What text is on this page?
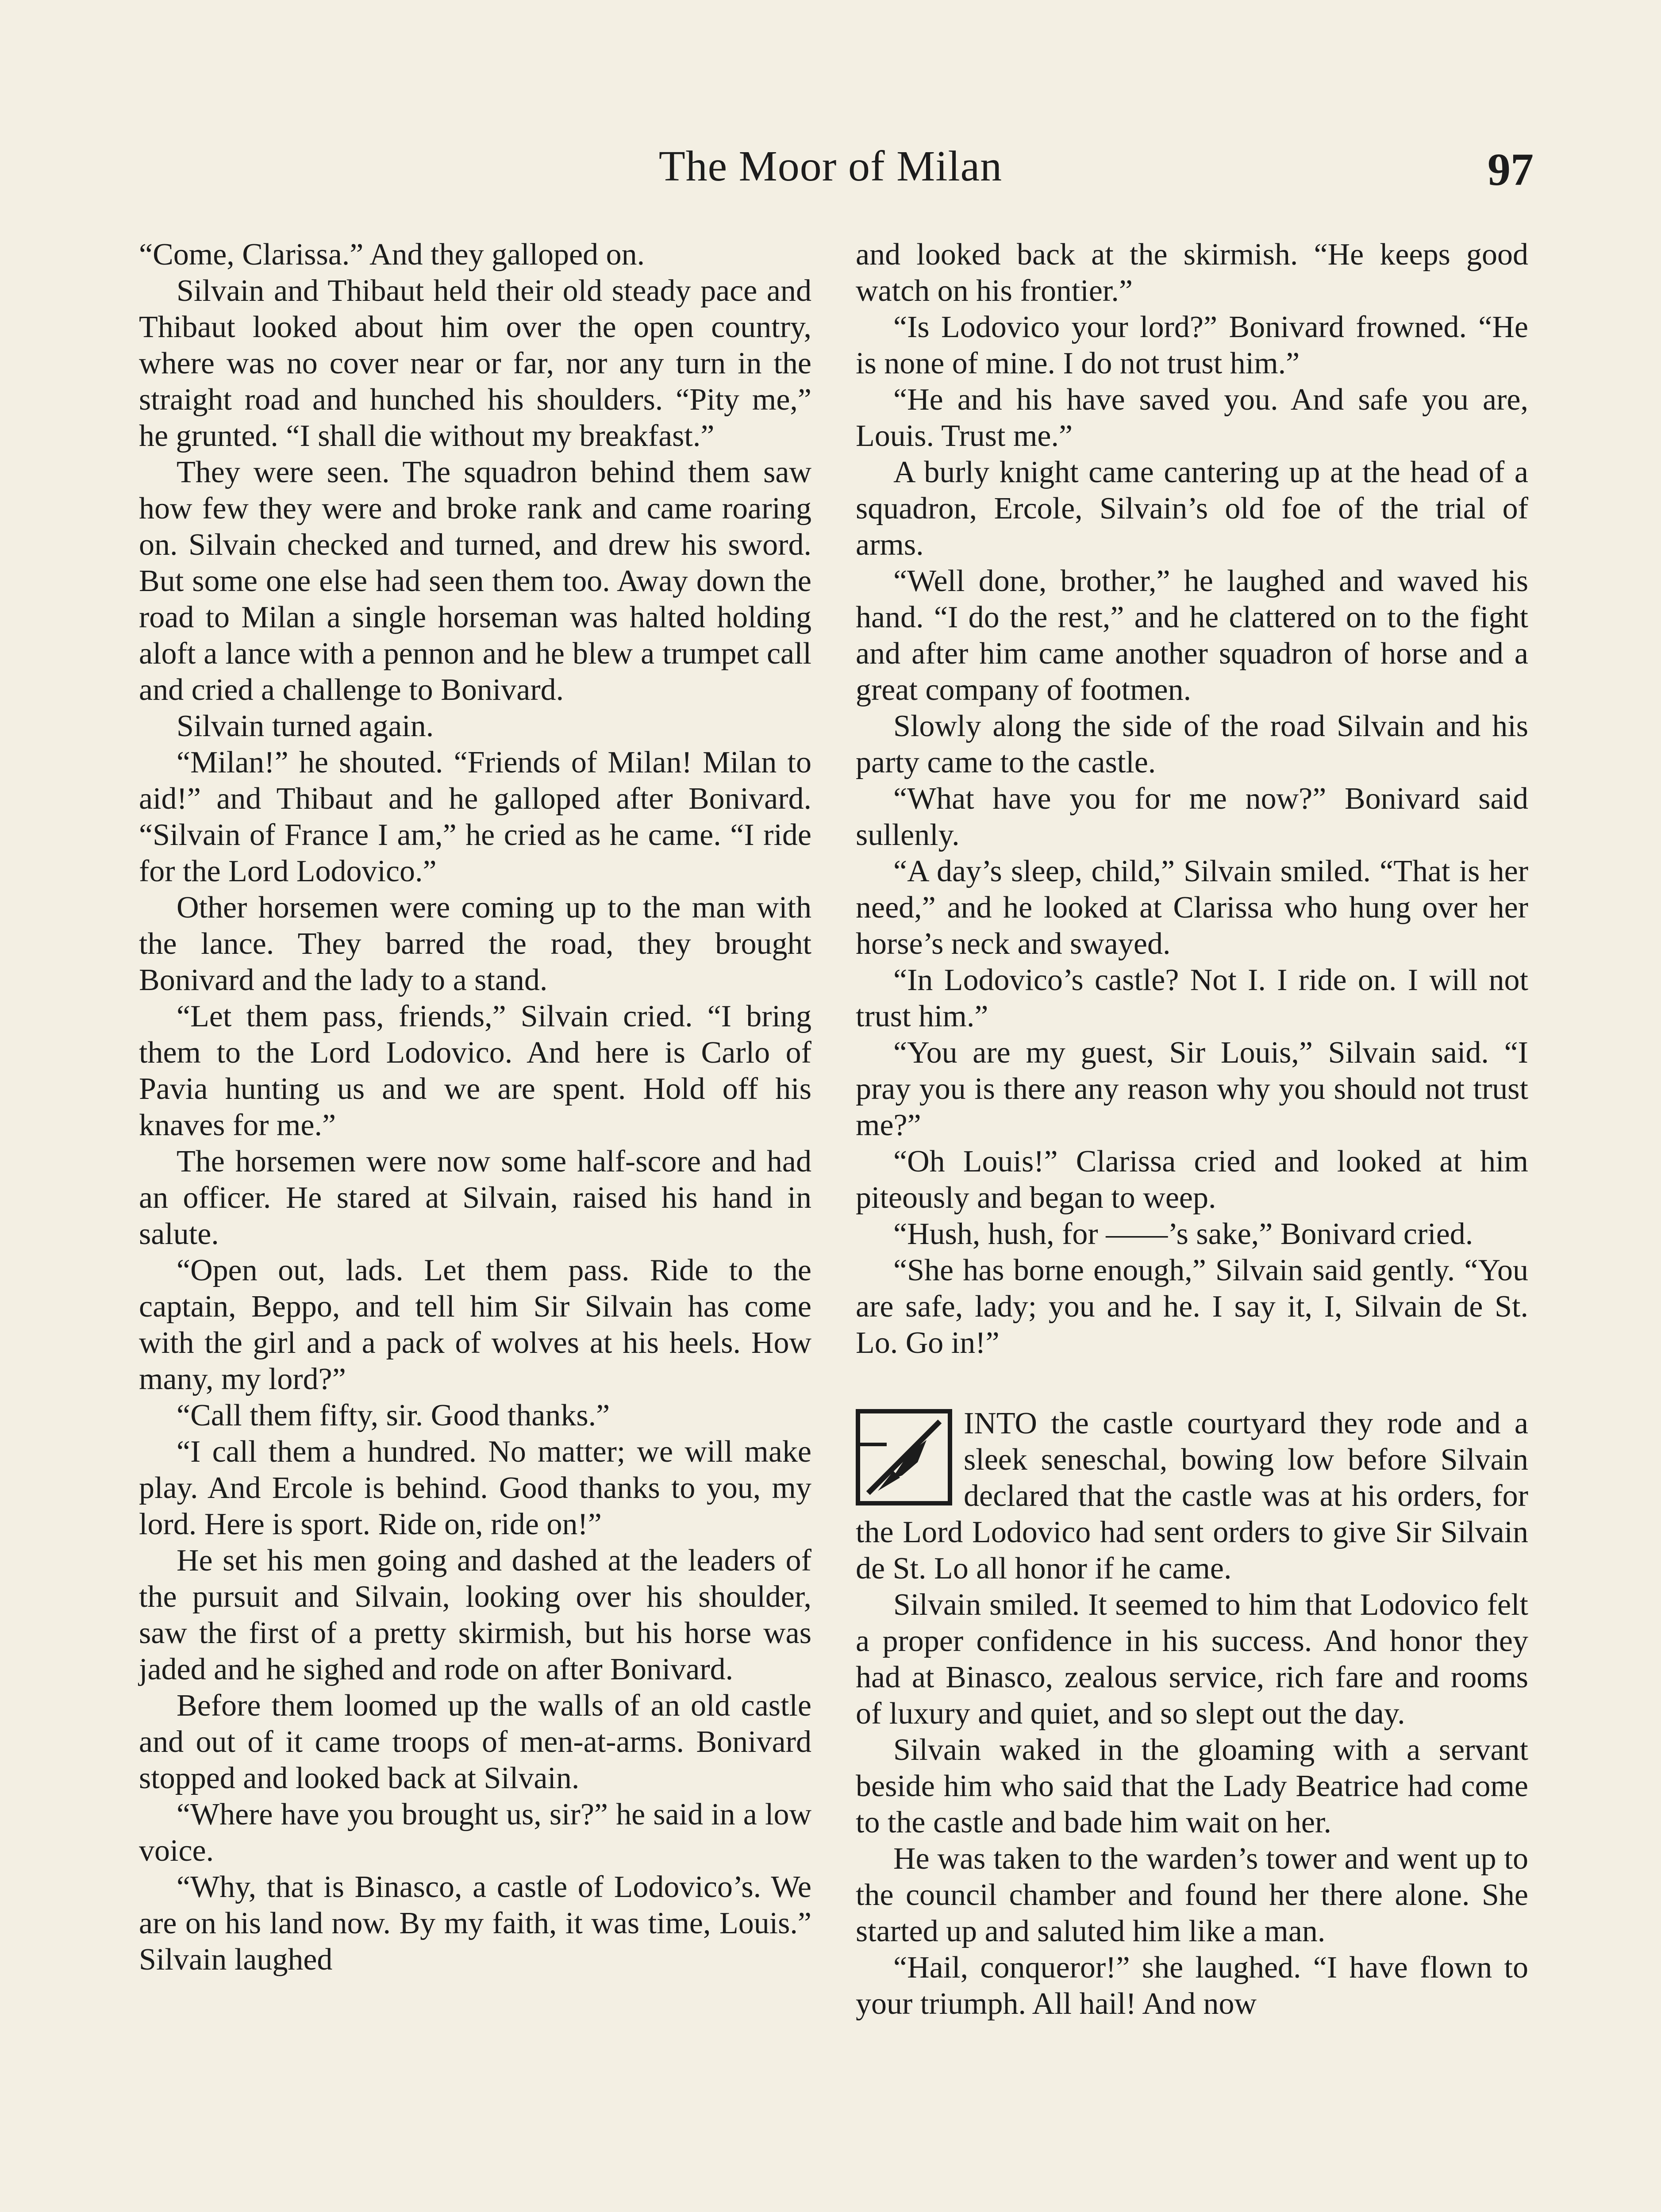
The Moor of Milan	97

“Come, Clarissa.” And they galloped on.

Silvain and Thibaut held their old steady pace and Thibaut looked about him over the open country, where was no cover near or far, nor any turn in the straight road and hunched his shoulders. “Pity me,” he grunted. “I shall die without my breakfast.”

They were seen. The squadron behind them saw how few they were and broke rank and came roaring on. Silvain checked and turned, and drew his sword. But some one else had seen them too. Away down the road to Milan a single horseman was halted holding aloft a lance with a pennon and he blew a trumpet call and cried a challenge to Bonivard.

Silvain turned again.

“Milan!” he shouted. “Friends of Milan! Milan to aid!” and Thibaut and he galloped after Bonivard. “Silvain of France I am,” he cried as he came. “I ride for the Lord Lodovico.”

Other horsemen were coming up to the man with the lance. They barred the road, they brought Bonivard and the lady to a stand.

“Let them pass, friends,” Silvain cried. “I bring them to the Lord Lodovico. And here is Carlo of Pavia hunting us and we are spent. Hold off his knaves for me.”

The horsemen were now some half-score and had an officer. He stared at Silvain, raised his hand in salute.

“Open out, lads. Let them pass. Ride to the captain, Beppo, and tell him Sir Silvain has come with the girl and a pack of wolves at his heels. How many, my lord?”

“Call them fifty, sir. Good thanks.”

“I call them a hundred. No matter; we will make play. And Ercole is behind. Good thanks to you, my lord. Here is sport. Ride on, ride on!”

He set his men going and dashed at the leaders of the pursuit and Silvain, looking over his shoulder, saw the first of a pretty skirmish, but his horse was jaded and he sighed and rode on after Bonivard.

Before them loomed up the walls of an old castle and out of it came troops of men-at-arms. Bonivard stopped and looked back at Silvain.

“Where have you brought us, sir?” he said in a low voice.

“Why, that is Binasco, a castle of Lodovico’s. We are on his land now. By my faith, it was time, Louis.” Silvain laughed

and looked back at the skirmish. “He keeps good watch on his frontier.”

“Is Lodovico your lord?” Bonivard frowned. “He is none of mine. I do not trust him.”

“He and his have saved you. And safe you are, Louis. Trust me.”

A burly knight came cantering up at the head of a squadron, Ercole, Silvain’s old foe of the trial of arms.

“Well done, brother,” he laughed and waved his hand. “I do the rest,” and he clattered on to the fight and after him came another squadron of horse and a great company of footmen.

Slowly along the side of the road Silvain and his party came to the castle.

“What have you for me now?” Bonivard said sullenly.

“A day’s sleep, child,” Silvain smiled. “That is her need,” and he looked at Clarissa who hung over her horse’s neck and swayed.

“In Lodovico’s castle? Not I. I ride on. I will not trust him.”

“You are my guest, Sir Louis,” Silvain said. “I pray you is there any reason why you should not trust me?”

“Oh Louis!” Clarissa cried and looked at him piteously and began to weep.

“Hush, hush, for ——’s sake,” Bonivard cried.

“She has borne enough,” Silvain said gently. “You are safe, lady; you and he. I say it, I, Silvain de St. Lo. Go in!”

INTO the castle courtyard they rode and a sleek seneschal, bowing low before Silvain declared that the castle was at his orders, for the Lord Lodovico had sent orders to give Sir Silvain de St. Lo all honor if he came.

Silvain smiled. It seemed to him that Lodovico felt a proper confidence in his success. And honor they had at Binasco, zealous service, rich fare and rooms of luxury and quiet, and so slept out the day.

Silvain waked in the gloaming with a servant beside him who said that the Lady Beatrice had come to the castle and bade him wait on her.

He was taken to the warden’s tower and went up to the council chamber and found her there alone. She started up and saluted him like a man.

“Hail, conqueror!” she laughed. “I have flown to your triumph. All hail! And now
